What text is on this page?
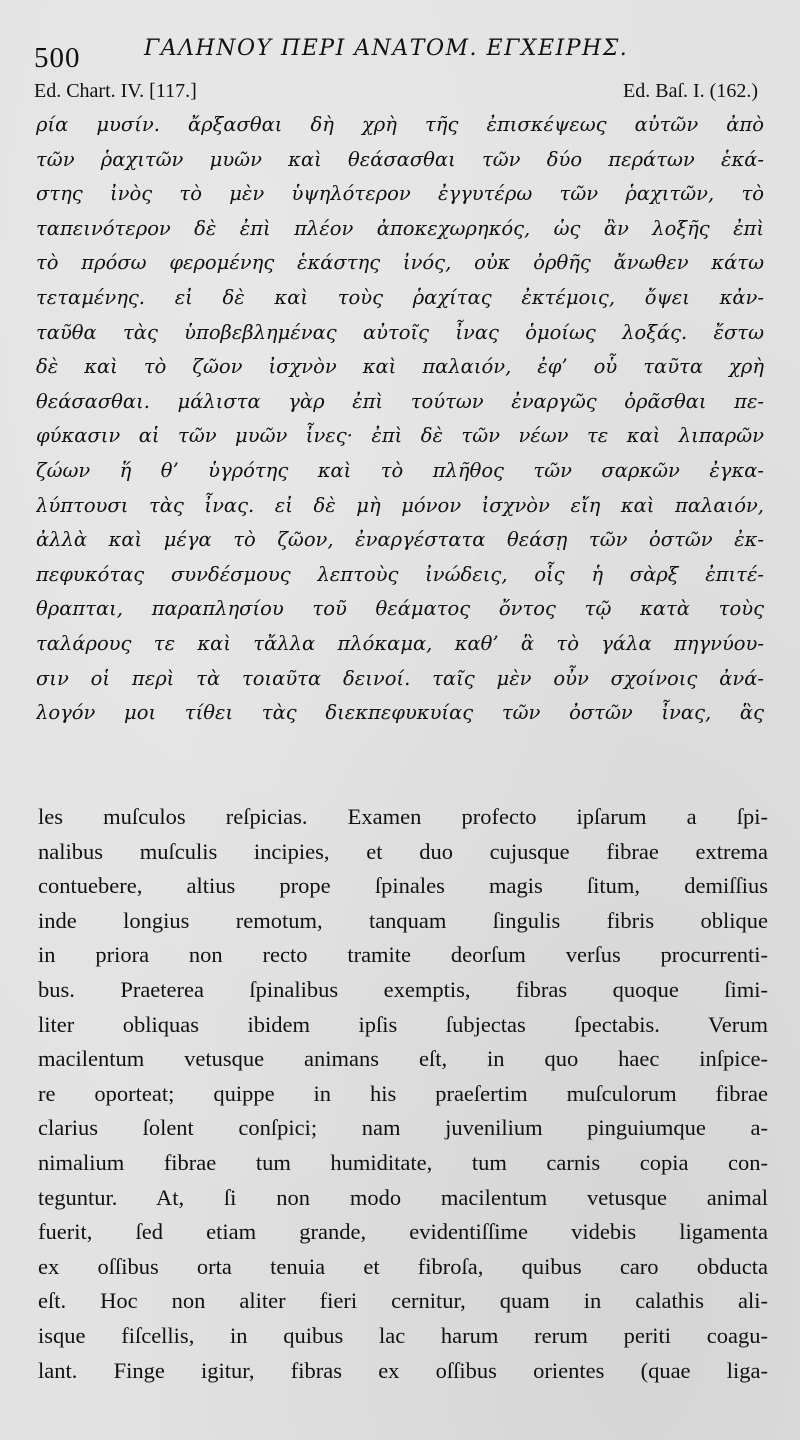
500	ΓΑΛΗΝΟΥ ΠΕΡΙ ΑΝΑΤΟΜ. ΕΓΧΕΙΡΗΣ.
Ed. Chart. IV. [117.]	Ed. Baſ. I. (162.)
ρία μυσίν. ἄρξασθαι δὴ χρὴ τῆς ἐπισκέψεως αὐτῶν ἀπὸ
τῶν ῥαχιτῶν μυῶν καὶ θεάσασθαι τῶν δύο περάτων ἑκά-
στης ἰνὸς τὸ μὲν ὑψηλότερον ἐγγυτέρω τῶν ῥαχιτῶν, τὸ
ταπεινότερον δὲ ἐπὶ πλέον ἀποκεχωρηκός, ὡς ἂν λοξῆς ἐπὶ
τὸ πρόσω φερομένης ἑκάστης ἰνός, οὐκ ὀρθῆς ἄνωθεν κάτω
τεταμένης. εἰ δὲ καὶ τοὺς ῥαχίτας ἐκτέμοις, ὄψει κἀν-
ταῦθα τὰς ὑποβεβλημένας αὐτοῖς ἶνας ὁμοίως λοξάς. ἔστω
δὲ καὶ τὸ ζῶον ἰσχνὸν καὶ παλαιόν, ἐφ’ οὗ ταῦτα χρὴ
θεάσασθαι. μάλιστα γὰρ ἐπὶ τούτων ἐναργῶς ὁρᾶσθαι πε-
φύκασιν αἱ τῶν μυῶν ἶνες· ἐπὶ δὲ τῶν νέων τε καὶ λιπαρῶν
ζώων ἥ θ’ ὑγρότης καὶ τὸ πλῆθος τῶν σαρκῶν ἐγκα-
λύπτουσι τὰς ἶνας. εἰ δὲ μὴ μόνον ἰσχνὸν εἴη καὶ παλαιόν,
ἀλλὰ καὶ μέγα τὸ ζῶον, ἐναργέστατα θεάσῃ τῶν ὀστῶν ἐκ-
πεφυκότας συνδέσμους λεπτοὺς ἰνώδεις, οἷς ἡ σὰρξ ἐπιτέ-
θραπται, παραπλησίου τοῦ θεάματος ὄντος τῷ κατὰ τοὺς
ταλάρους τε καὶ τἄλλα πλόκαμα, καθ’ ἃ τὸ γάλα πηγνύου-
σιν οἱ περὶ τὰ τοιαῦτα δεινοί. ταῖς μὲν οὖν σχοίνοις ἀνά-
λογόν μοι τίθει τὰς διεκπεφυκυίας τῶν ὀστῶν ἶνας, ἃς
les muſculos reſpicias. Examen profecto ipſarum a ſpi-
nalibus muſculis incipies, et duo cujusque fibrae extrema
contuebere, altius prope ſpinales magis ſitum, demiſſius
inde longius remotum, tanquam ſingulis fibris oblique
in priora non recto tramite deorſum verſus procurrenti-
bus. Praeterea ſpinalibus exemptis, fibras quoque ſimi-
liter obliquas ibidem ipſis ſubjectas ſpectabis. Verum
macilentum vetusque animans eſt, in quo haec inſpice-
re oporteat; quippe in his praeſertim muſculorum fibrae
clarius ſolent conſpici; nam juvenilium pinguiumque a-
nimalium fibrae tum humiditate, tum carnis copia con-
teguntur. At, ſi non modo macilentum vetusque animal
fuerit, ſed etiam grande, evidentiſſime videbis ligamenta
ex oſſibus orta tenuia et fibroſa, quibus caro obducta
eſt. Hoc non aliter fieri cernitur, quam in calathis ali-
isque fiſcellis, in quibus lac harum rerum periti coagu-
lant. Finge igitur, fibras ex oſſibus orientes (quae liga-
